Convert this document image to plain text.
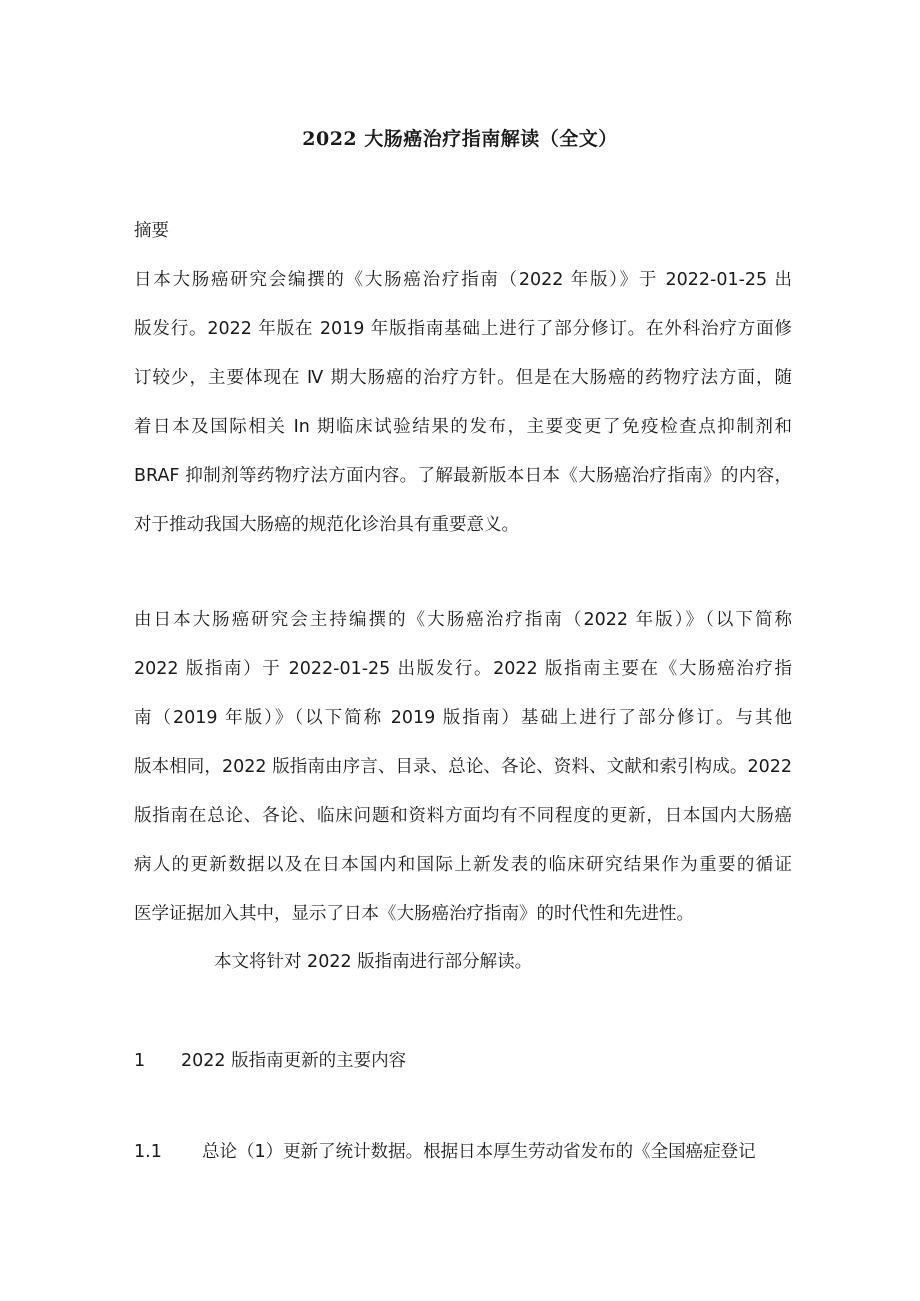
2022 大肠癌治疗指南解读（全文）
摘要
日本大肠癌研究会编撰的《大肠癌治疗指南（2022 年版）》于 2022-01-25 出
版发行。2022 年版在 2019 年版指南基础上进行了部分修订。在外科治疗方面修
订较少，主要体现在 Ⅳ 期大肠癌的治疗方针。但是在大肠癌的药物疗法方面，随
着日本及国际相关 In 期临床试验结果的发布，主要变更了免疫检查点抑制剂和
BRAF 抑制剂等药物疗法方面内容。了解最新版本日本《大肠癌治疗指南》的内容，
对于推动我国大肠癌的规范化诊治具有重要意义。
由日本大肠癌研究会主持编撰的《大肠癌治疗指南（2022 年版）》（以下简称
2022 版指南）于 2022-01-25 出版发行。2022 版指南主要在《大肠癌治疗指
南（2019 年版）》（以下简称 2019 版指南）基础上进行了部分修订。与其他
版本相同，2022 版指南由序言、目录、总论、各论、资料、文献和索引构成。2022
版指南在总论、各论、临床问题和资料方面均有不同程度的更新，日本国内大肠癌
病人的更新数据以及在日本国内和国际上新发表的临床研究结果作为重要的循证
医学证据加入其中，显示了日本《大肠癌治疗指南》的时代性和先进性。
本文将针对 2022 版指南进行部分解读。
1 2022 版指南更新的主要内容
1.1 总论（1）更新了统计数据。根据日本厚生劳动省发布的《全国癌症登记
